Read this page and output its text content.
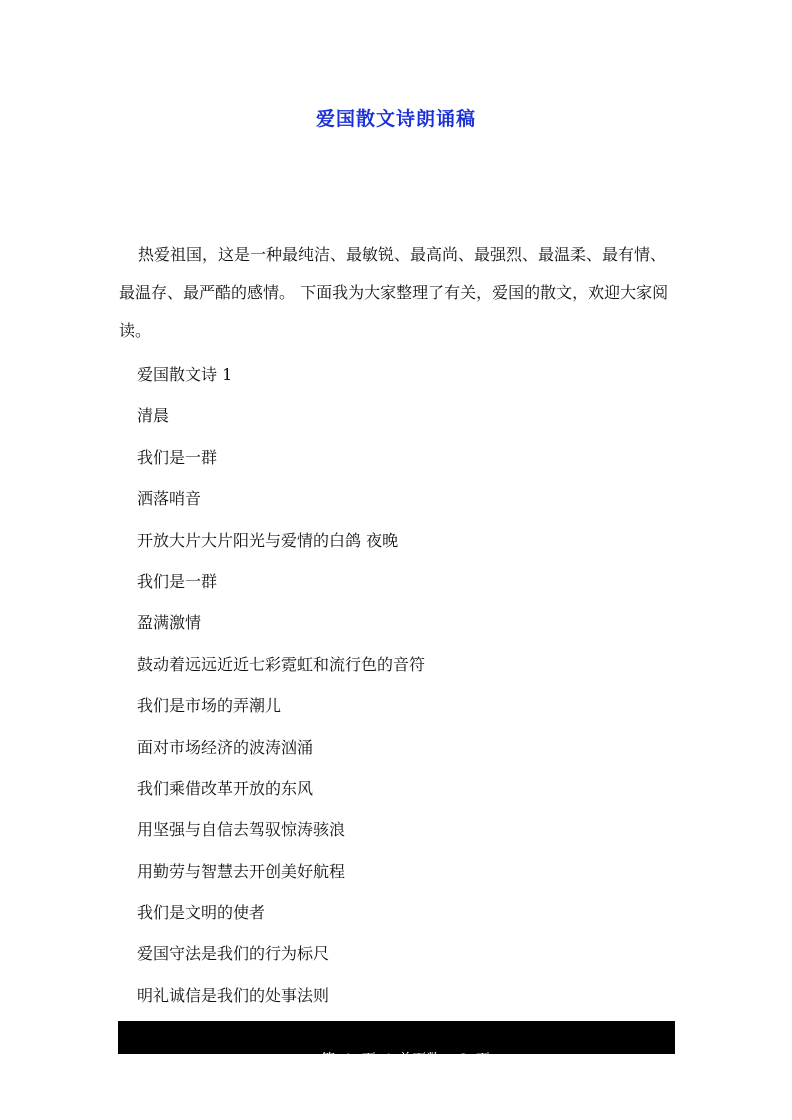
爱国散文诗朗诵稿

热爱祖国，这是一种最纯洁、最敏锐、最高尚、最强烈、最温柔、最有情、最温存、最严酷的感情。 下面我为大家整理了有关，爱国的散文，欢迎大家阅读。

爱国散文诗 1
清晨
我们是一群
洒落哨音
开放大片大片阳光与爱情的白鸽 夜晚
我们是一群
盈满激情
鼓动着远远近近七彩霓虹和流行色的音符
我们是市场的弄潮儿
面对市场经济的波涛汹涌
我们乘借改革开放的东风
用坚强与自信去驾驭惊涛骇浪
用勤劳与智慧去开创美好航程
我们是文明的使者
爱国守法是我们的行为标尺
明礼诚信是我们的处事法则

第  1  页  /  总页数    6  页
